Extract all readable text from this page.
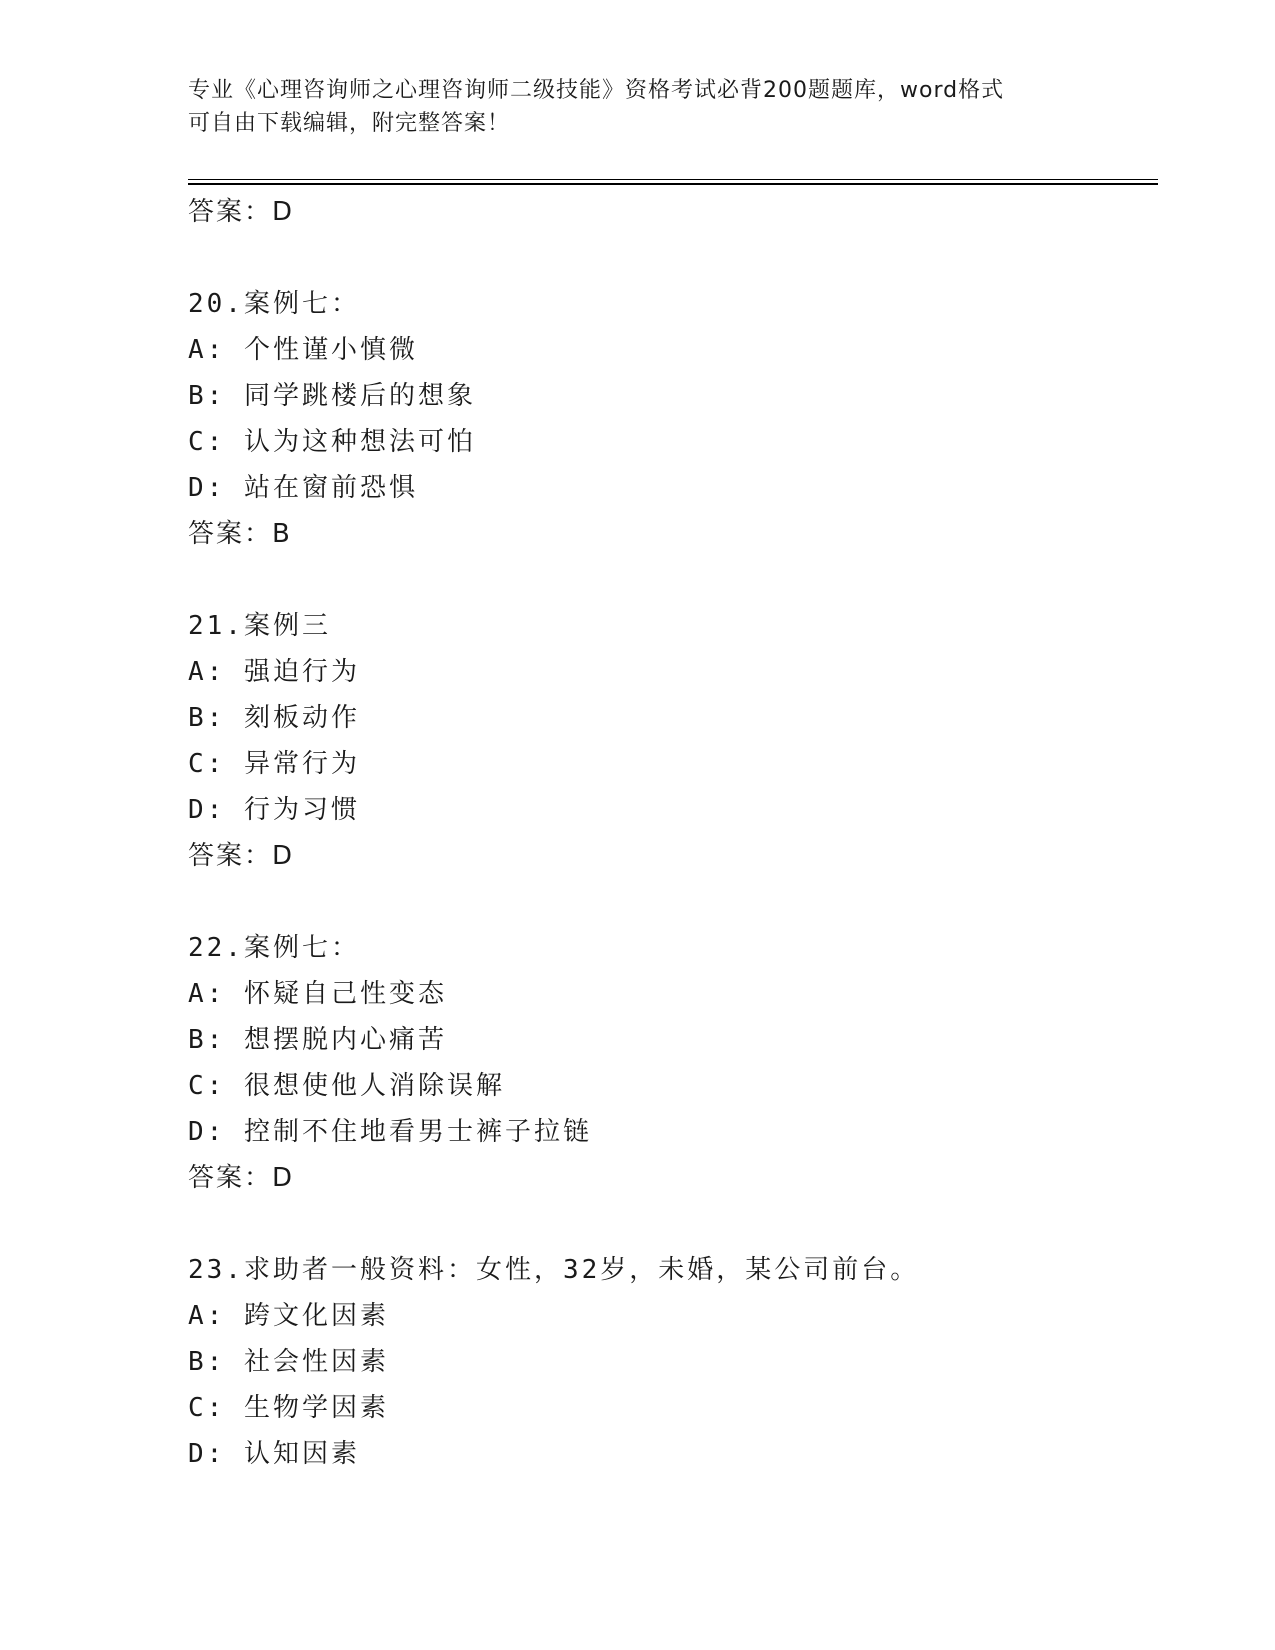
专业《心理咨询师之心理咨询师二级技能》资格考试必背200题题库，word格式
可自由下载编辑，附完整答案！
答案：D
20.案例七：
A: 个性谨小慎微
B: 同学跳楼后的想象
C: 认为这种想法可怕
D: 站在窗前恐惧
答案：B
21.案例三
A: 强迫行为
B: 刻板动作
C: 异常行为
D: 行为习惯
答案：D
22.案例七：
A: 怀疑自己性变态
B: 想摆脱内心痛苦
C: 很想使他人消除误解
D: 控制不住地看男士裤子拉链
答案：D
23.求助者一般资料：女性，32岁，未婚，某公司前台。
A: 跨文化因素
B: 社会性因素
C: 生物学因素
D: 认知因素
